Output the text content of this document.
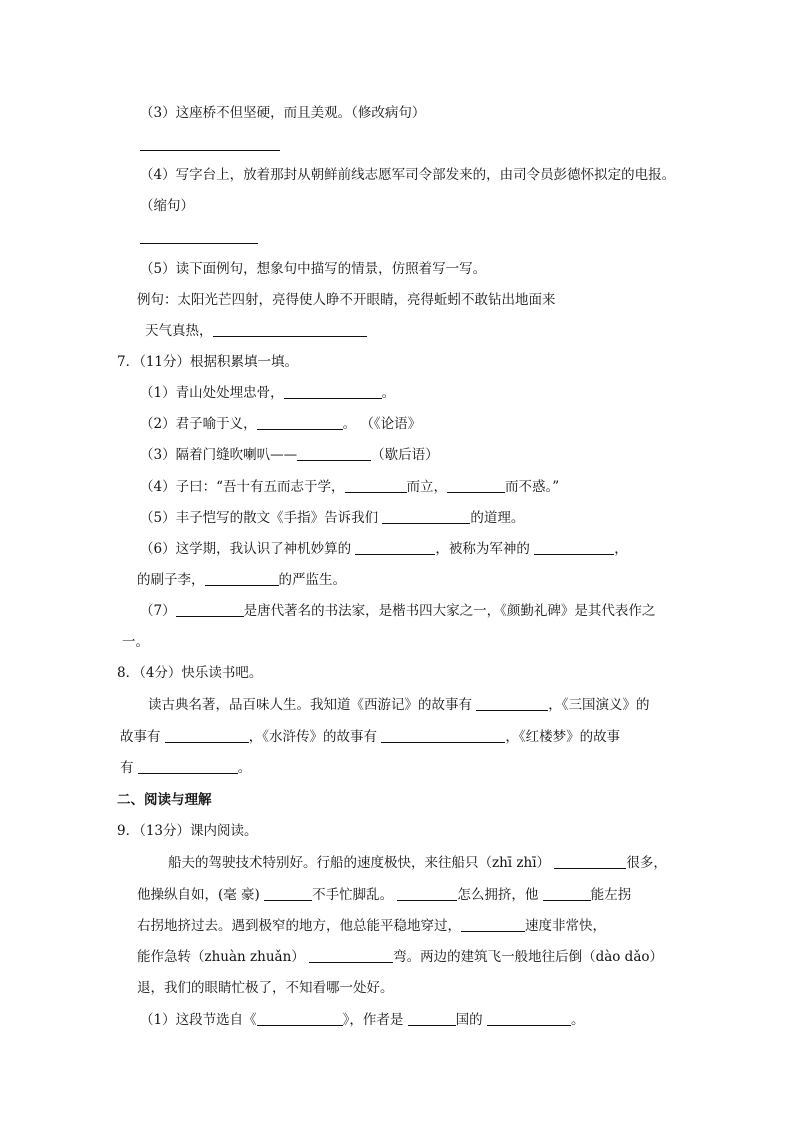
（3）这座桥不但坚硬，而且美观。（修改病句）
（4）写字台上，放着那封从朝鲜前线志愿军司令部发来的，由司令员彭德怀拟定的电报。
（缩句）
（5）读下面例句，想象句中描写的情景，仿照着写一写。
例句：太阳光芒四射，亮得使人睁不开眼睛，亮得蚯蚓不敢钻出地面来
天气真热，
7．（11分）根据积累填一填。
（1）青山处处埋忠骨，	。
（2）君子喻于义，	。 （《论语》
（3）隔着门缝吹喇叭——	（歇后语）
（4）子曰：“吾十有五而志于学，	而立，	而不惑。”
（5）丰子恺写的散文《手指》告诉我们	的道理。
（6）这学期，我认识了神机妙算的	，被称为军神的	，
的刷子李，	的严监生。
（7）	是唐代著名的书法家，是楷书四大家之一，《颜勤礼碑》是其代表作之
一。
8．（4分）快乐读书吧。
读古典名著，品百味人生。我知道《西游记》的故事有	，《三国演义》的
故事有	，《水浒传》的故事有	，《红楼梦》的故事
有	。
二、阅读与理解
9．（13分）课内阅读。
船夫的驾驶技术特别好。行船的速度极快，来往船只（zhī zhī）	很多，
他操纵自如，(毫 豪)	不手忙脚乱。	怎么拥挤，他	能左拐
右拐地挤过去。遇到极窄的地方，他总能平稳地穿过，	速度非常快，
能作急转（zhuàn zhuǎn）	弯。两边的建筑飞一般地往后倒（dào dǎo）
退，我们的眼睛忙极了，不知看哪一处好。
（1）这段节选自《	》，作者是	国的	。
